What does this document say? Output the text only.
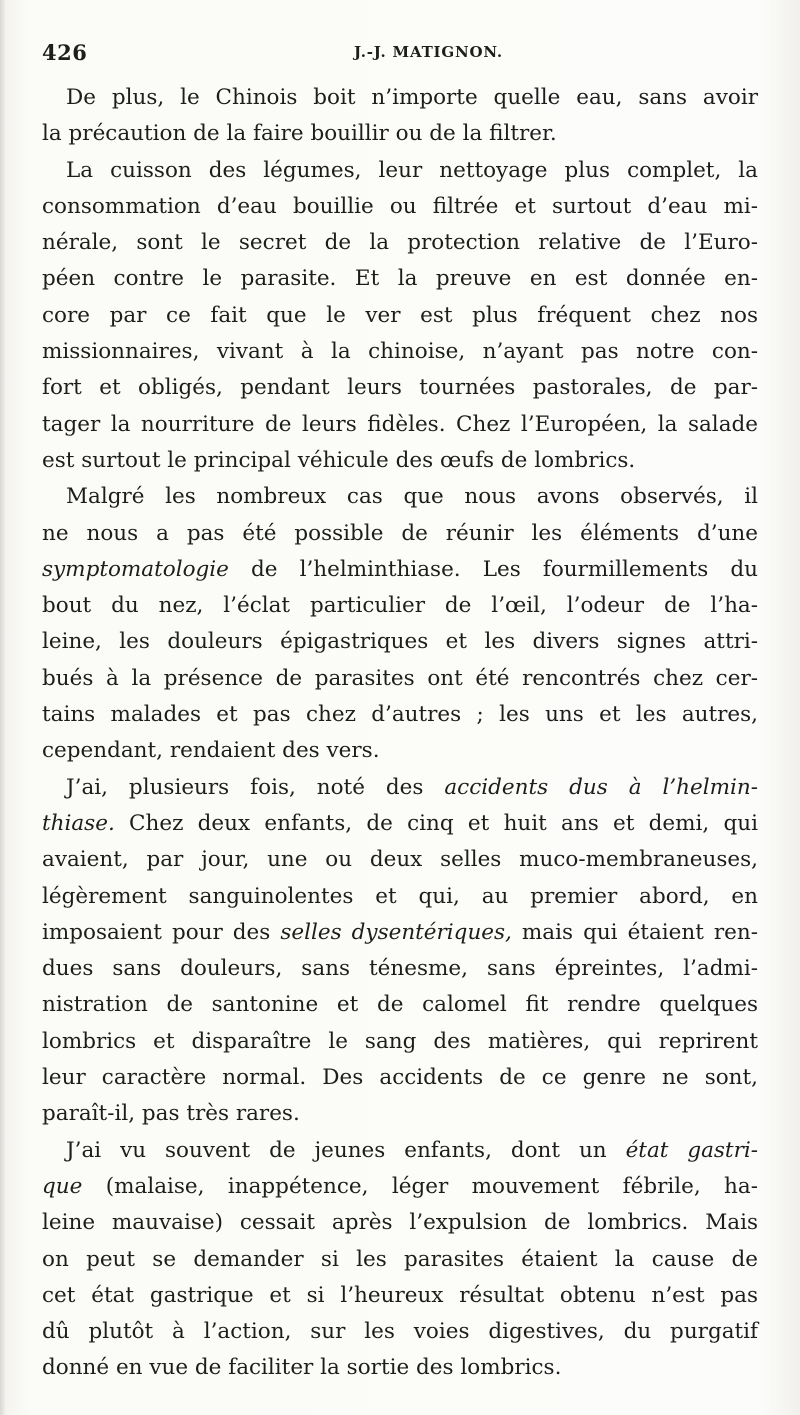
426	J.-J. MATIGNON.
De plus, le Chinois boit n’importe quelle eau, sans avoir
la précaution de la faire bouillir ou de la filtrer.
La cuisson des légumes, leur nettoyage plus complet, la
consommation d’eau bouillie ou filtrée et surtout d’eau mi-
nérale, sont le secret de la protection relative de l’Euro-
péen contre le parasite. Et la preuve en est donnée en-
core par ce fait que le ver est plus fréquent chez nos
missionnaires, vivant à la chinoise, n’ayant pas notre con-
fort et obligés, pendant leurs tournées pastorales, de par-
tager la nourriture de leurs fidèles. Chez l’Européen, la salade
est surtout le principal véhicule des œufs de lombrics.
Malgré les nombreux cas que nous avons observés, il
ne nous a pas été possible de réunir les éléments d’une
symptomatologie de l’helminthiase. Les fourmillements du
bout du nez, l’éclat particulier de l’œil, l’odeur de l’ha-
leine, les douleurs épigastriques et les divers signes attri-
bués à la présence de parasites ont été rencontrés chez cer-
tains malades et pas chez d’autres ; les uns et les autres,
cependant, rendaient des vers.
J’ai, plusieurs fois, noté des accidents dus à l’helmin-
thiase. Chez deux enfants, de cinq et huit ans et demi, qui
avaient, par jour, une ou deux selles muco-membraneuses,
légèrement sanguinolentes et qui, au premier abord, en
imposaient pour des selles dysentériques, mais qui étaient ren-
dues sans douleurs, sans ténesme, sans épreintes, l’admi-
nistration de santonine et de calomel fit rendre quelques
lombrics et disparaître le sang des matières, qui reprirent
leur caractère normal. Des accidents de ce genre ne sont,
paraît-il, pas très rares.
J’ai vu souvent de jeunes enfants, dont un état gastri-
que (malaise, inappétence, léger mouvement fébrile, ha-
leine mauvaise) cessait après l’expulsion de lombrics. Mais
on peut se demander si les parasites étaient la cause de
cet état gastrique et si l’heureux résultat obtenu n’est pas
dû plutôt à l’action, sur les voies digestives, du purgatif
donné en vue de faciliter la sortie des lombrics.
